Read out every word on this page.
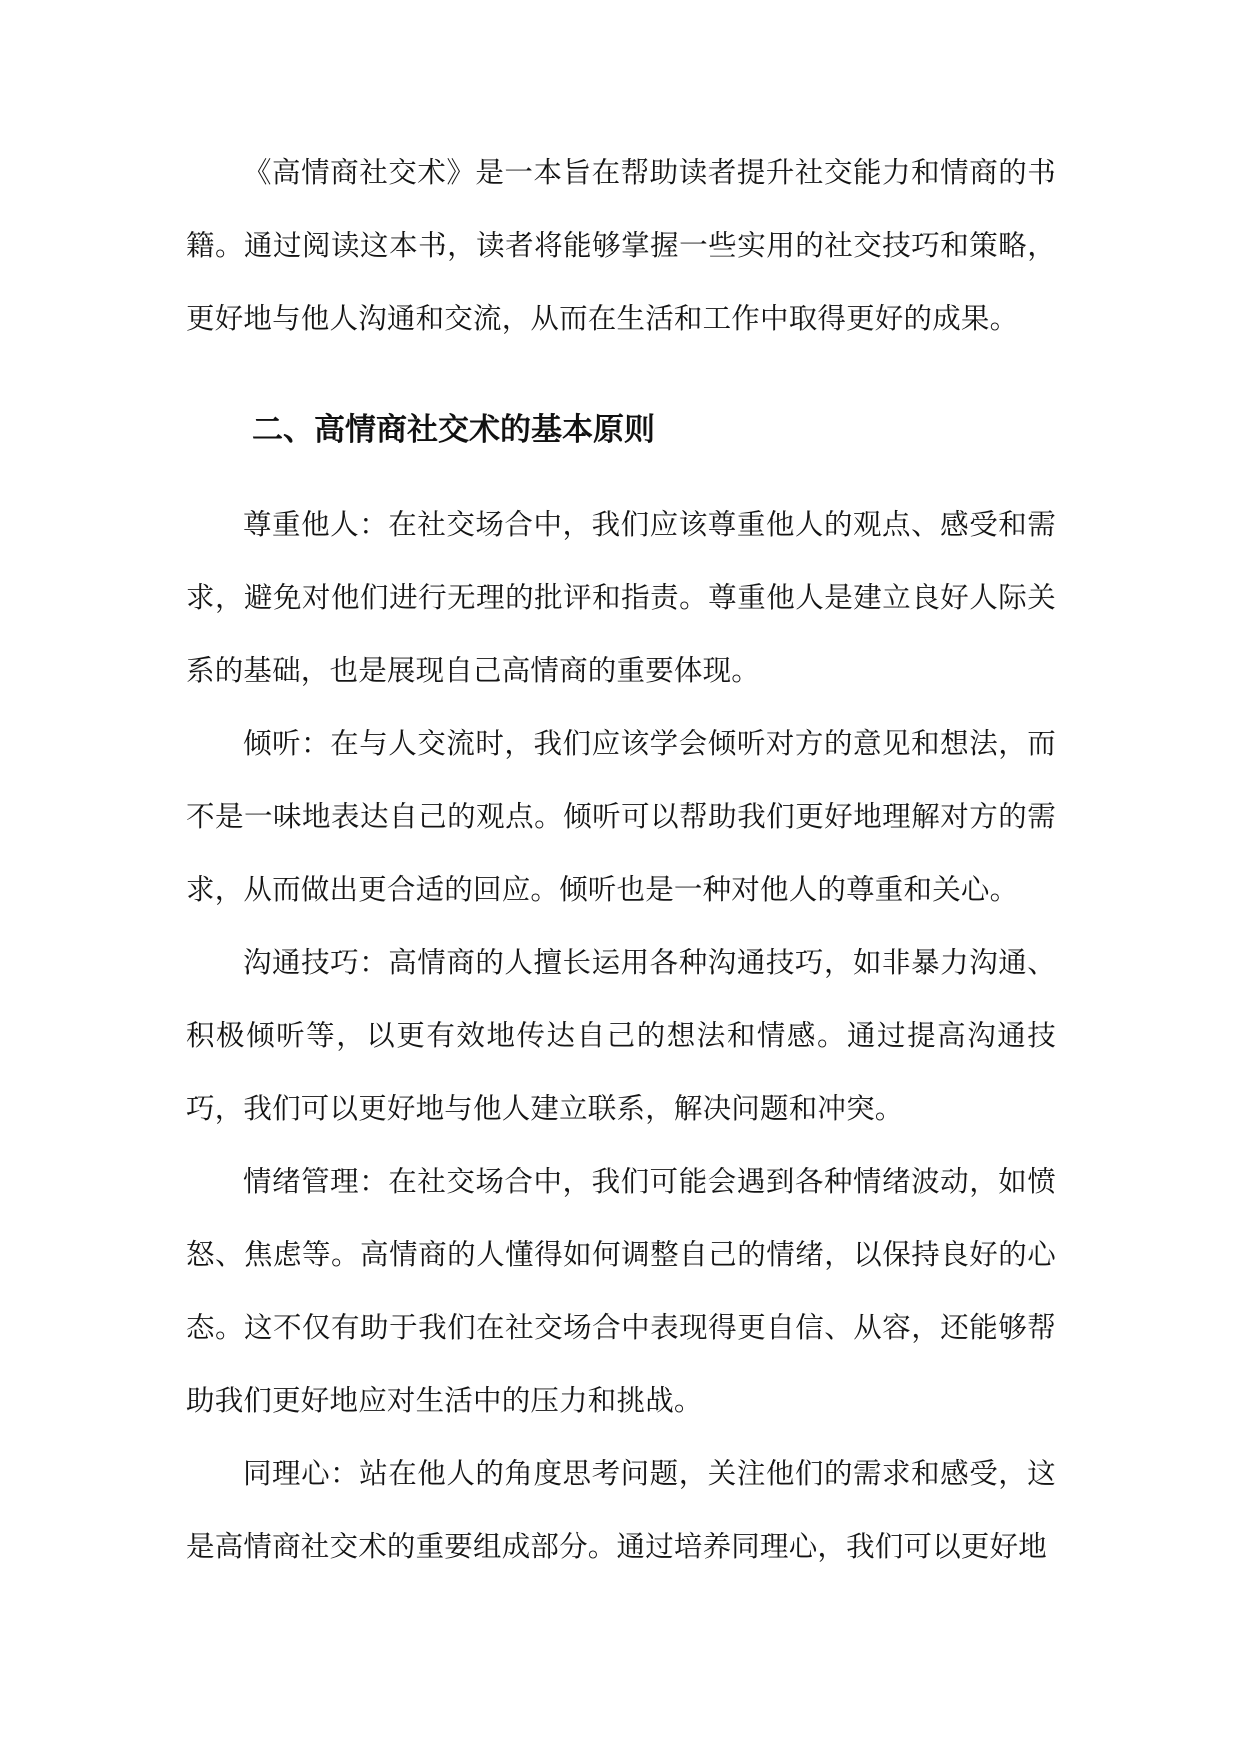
《高情商社交术》是一本旨在帮助读者提升社交能力和情商的书籍。通过阅读这本书，读者将能够掌握一些实用的社交技巧和策略，更好地与他人沟通和交流，从而在生活和工作中取得更好的成果。

二、高情商社交术的基本原则

尊重他人：在社交场合中，我们应该尊重他人的观点、感受和需求，避免对他们进行无理的批评和指责。尊重他人是建立良好人际关系的基础，也是展现自己高情商的重要体现。

倾听：在与人交流时，我们应该学会倾听对方的意见和想法，而不是一味地表达自己的观点。倾听可以帮助我们更好地理解对方的需求，从而做出更合适的回应。倾听也是一种对他人的尊重和关心。

沟通技巧：高情商的人擅长运用各种沟通技巧，如非暴力沟通、积极倾听等，以更有效地传达自己的想法和情感。通过提高沟通技巧，我们可以更好地与他人建立联系，解决问题和冲突。

情绪管理：在社交场合中，我们可能会遇到各种情绪波动，如愤怒、焦虑等。高情商的人懂得如何调整自己的情绪，以保持良好的心态。这不仅有助于我们在社交场合中表现得更自信、从容，还能够帮助我们更好地应对生活中的压力和挑战。

同理心：站在他人的角度思考问题，关注他们的需求和感受，这是高情商社交术的重要组成部分。通过培养同理心，我们可以更好地
